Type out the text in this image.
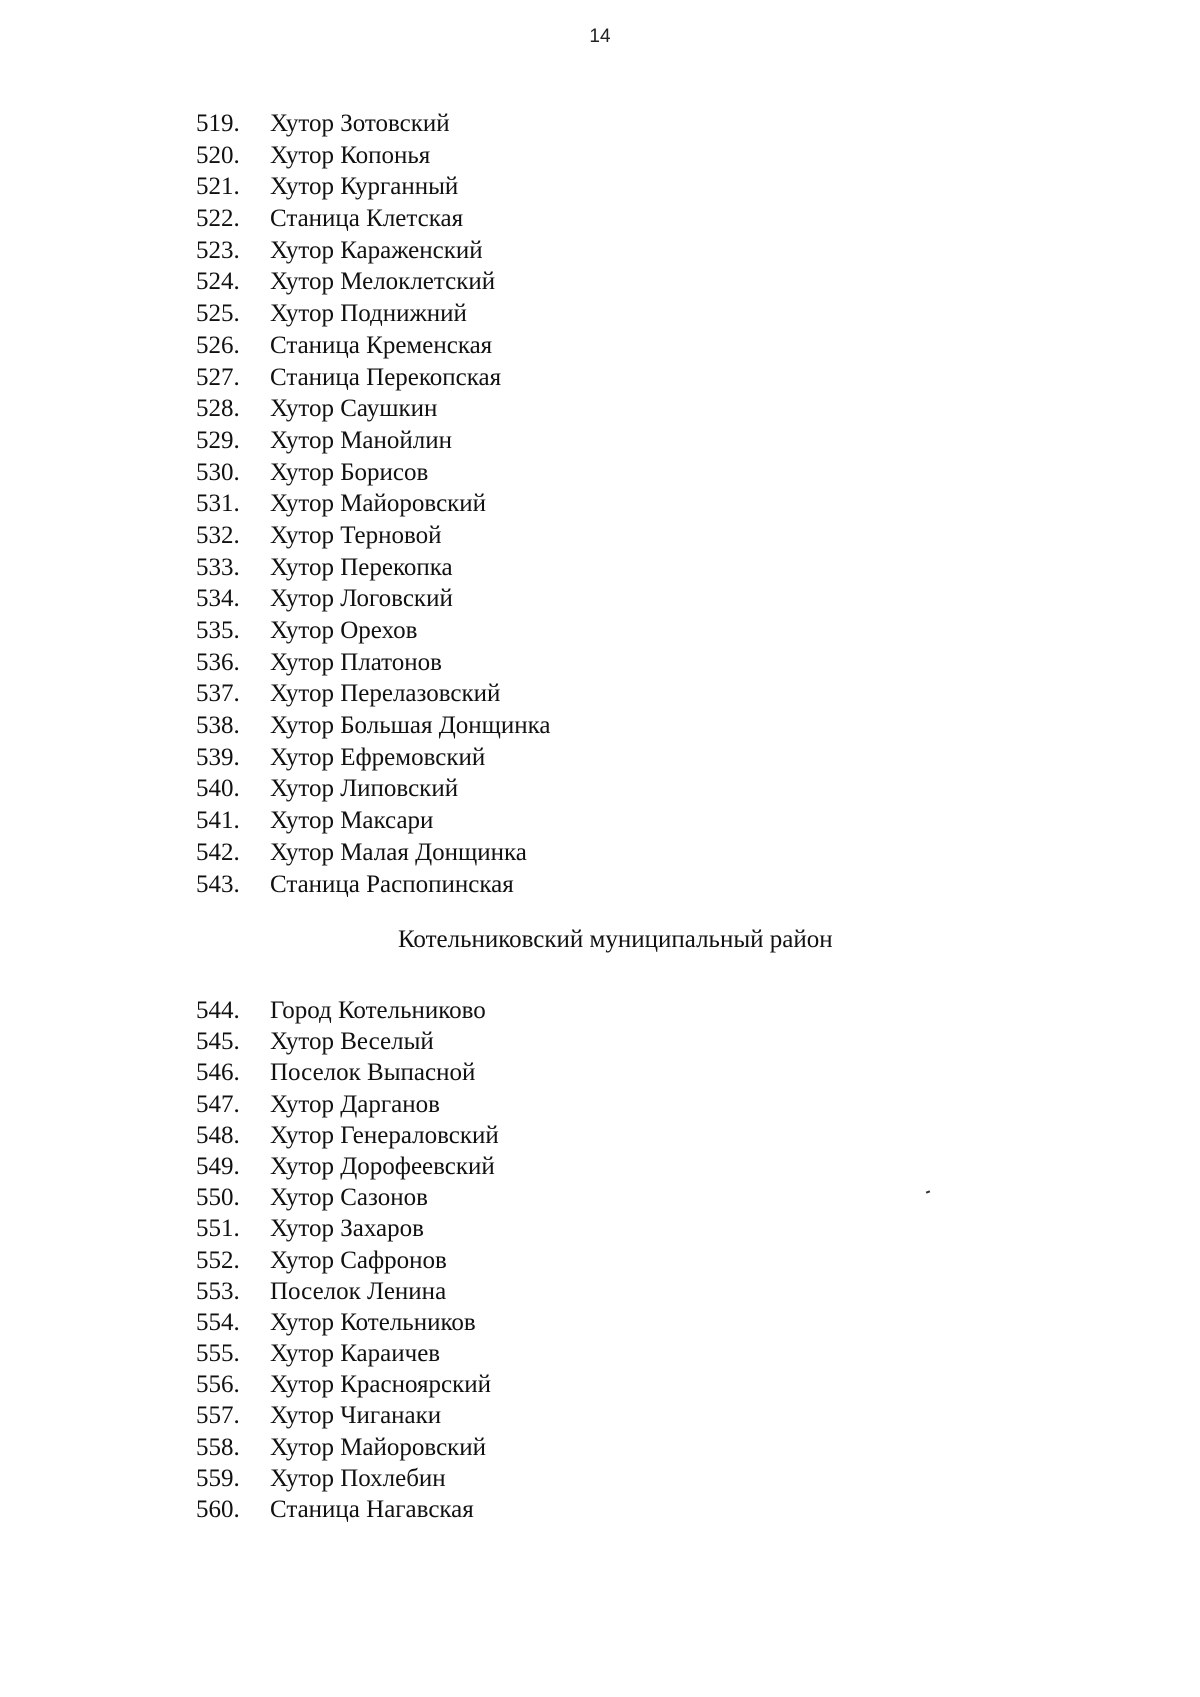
14
519.	Хутор Зотовский
520.	Хутор Копонья
521.	Хутор Курганный
522.	Станица Клетская
523.	Хутор Караженский
524.	Хутор Мелоклетский
525.	Хутор Поднижний
526.	Станица Кременская
527.	Станица Перекопская
528.	Хутор Саушкин
529.	Хутор Манойлин
530.	Хутор Борисов
531.	Хутор Майоровский
532.	Хутор Терновой
533.	Хутор Перекопка
534.	Хутор Логовский
535.	Хутор Орехов
536.	Хутор Платонов
537.	Хутор Перелазовский
538.	Хутор Большая Донщинка
539.	Хутор Ефремовский
540.	Хутор Липовский
541.	Хутор Максари
542.	Хутор Малая Донщинка
543.	Станица Распопинская
Котельниковский муниципальный район
544.	Город Котельниково
545.	Хутор Веселый
546.	Поселок Выпасной
547.	Хутор Дарганов
548.	Хутор Генераловский
549.	Хутор Дорофеевский
550.	Хутор Сазонов
551.	Хутор Захаров
552.	Хутор Сафронов
553.	Поселок Ленина
554.	Хутор Котельников
555.	Хутор Караичев
556.	Хутор Красноярский
557.	Хутор Чиганаки
558.	Хутор Майоровский
559.	Хутор Похлебин
560.	Станица Нагавская
